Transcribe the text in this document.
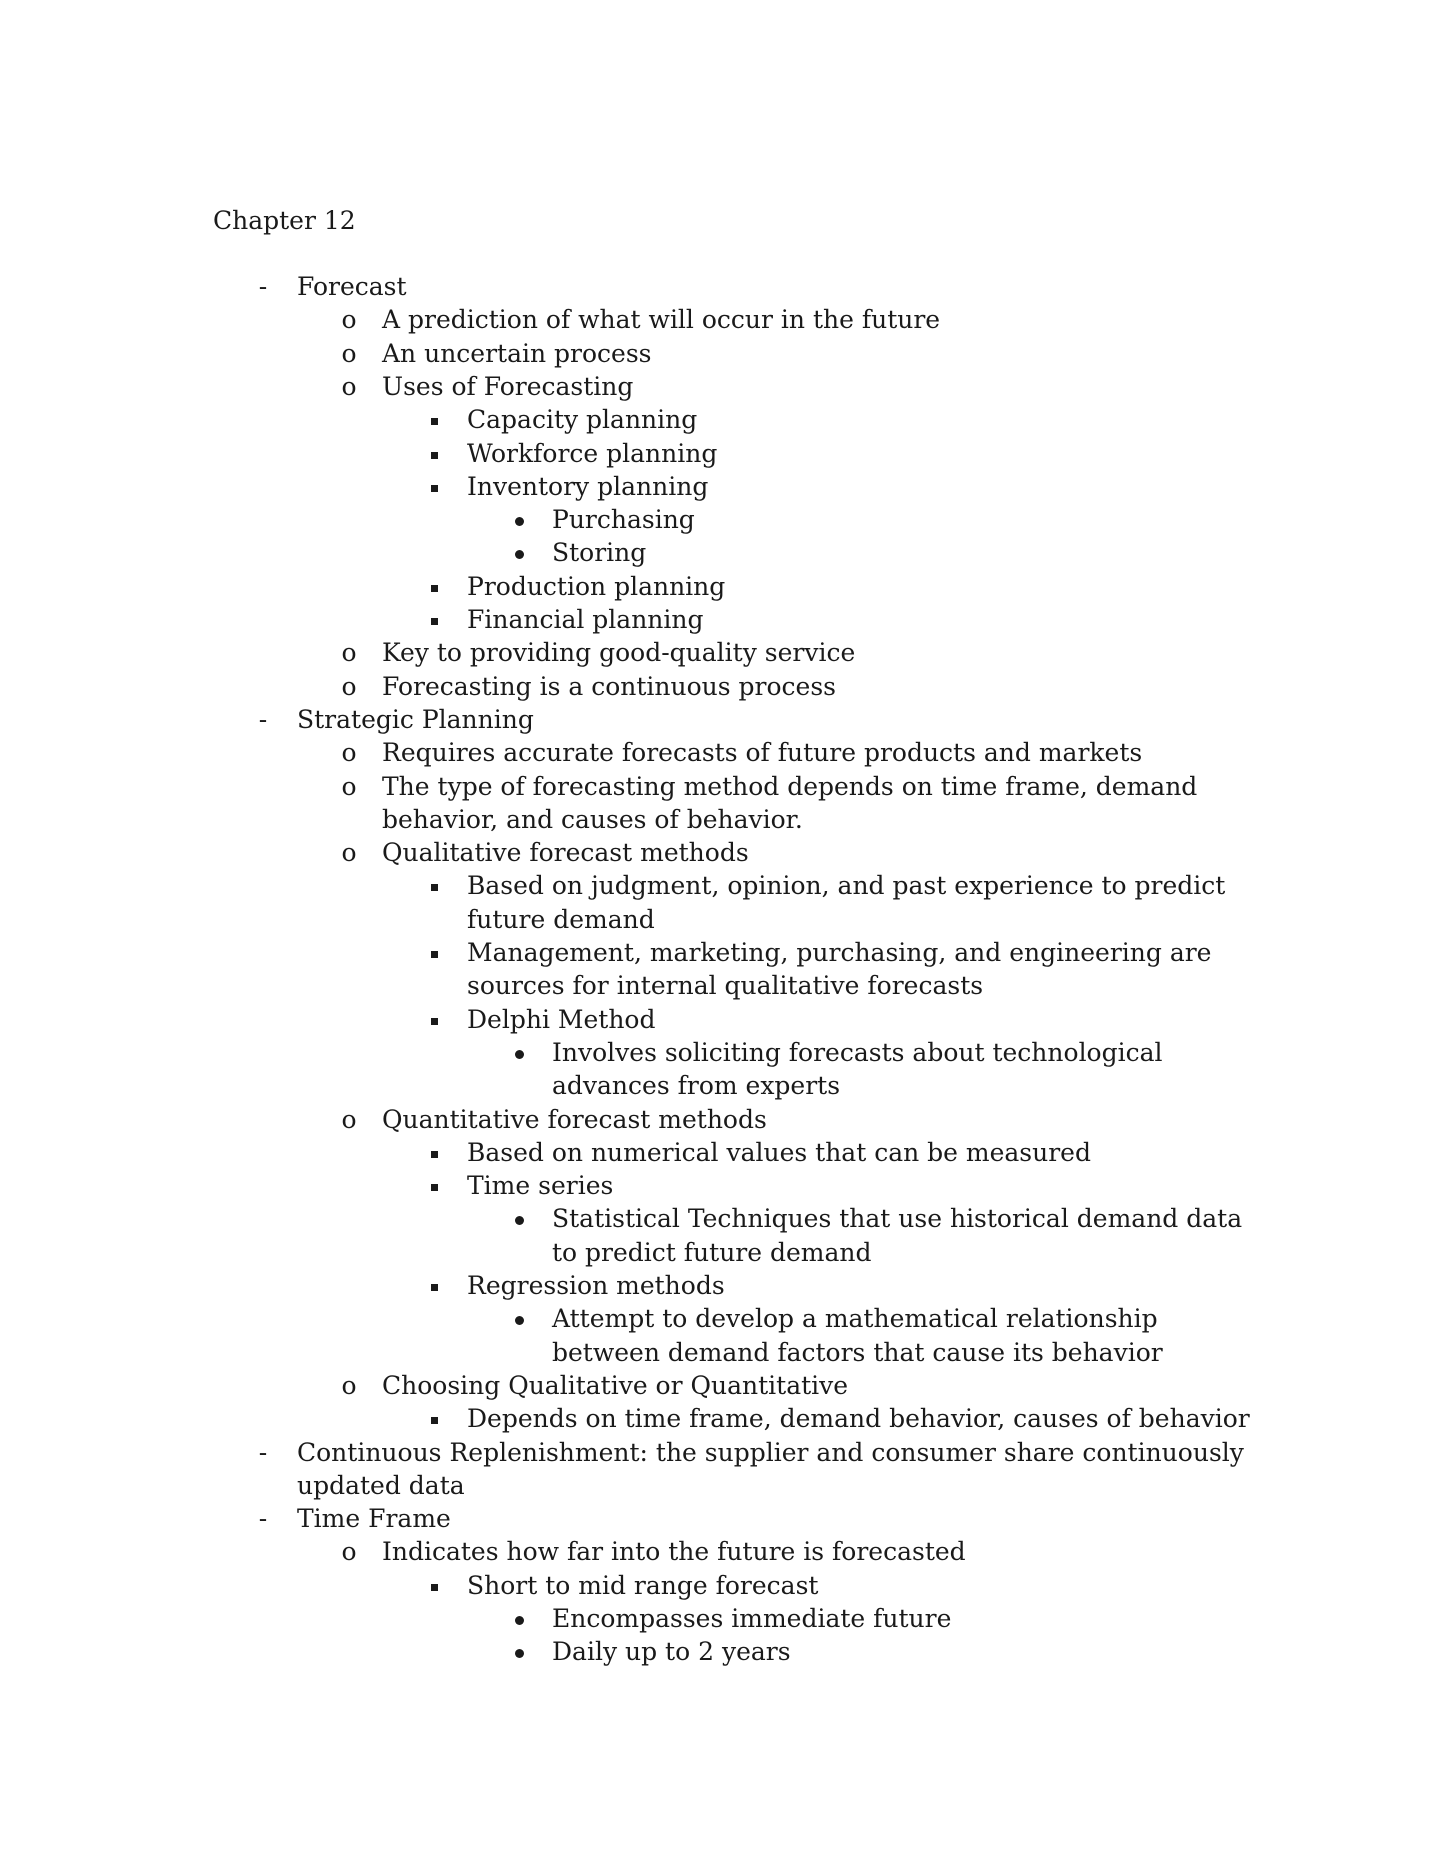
Chapter 12
- Forecast
o A prediction of what will occur in the future
o An uncertain process
o Uses of Forecasting
Capacity planning
Workforce planning
Inventory planning
Purchasing
Storing
Production planning
Financial planning
o Key to providing good-quality service
o Forecasting is a continuous process
- Strategic Planning
o Requires accurate forecasts of future products and markets
o The type of forecasting method depends on time frame, demand
behavior, and causes of behavior.
o Qualitative forecast methods
Based on judgment, opinion, and past experience to predict
future demand
Management, marketing, purchasing, and engineering are
sources for internal qualitative forecasts
Delphi Method
Involves soliciting forecasts about technological
advances from experts
o Quantitative forecast methods
Based on numerical values that can be measured
Time series
Statistical Techniques that use historical demand data
to predict future demand
Regression methods
Attempt to develop a mathematical relationship
between demand factors that cause its behavior
o Choosing Qualitative or Quantitative
Depends on time frame, demand behavior, causes of behavior
- Continuous Replenishment: the supplier and consumer share continuously
updated data
- Time Frame
o Indicates how far into the future is forecasted
Short to mid range forecast
Encompasses immediate future
Daily up to 2 years
